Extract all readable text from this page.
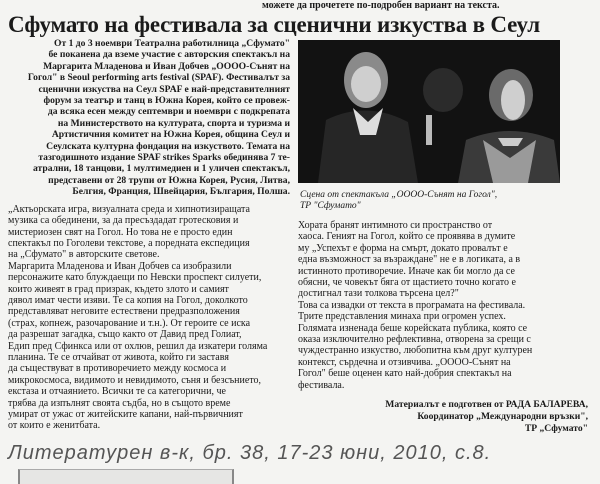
можете да прочетете по-подробен вариант на текста.
Сфумато на фестивала за сценични изкуства в Сеул
От 1 до 3 ноември Театрална работилница „Сфумато"
бе поканена да вземе участие с авторския спектакъл на
Маргарита Младенова и Иван Добчев „ОООО-Сънят на
Гогол" в Seoul performing arts festival (SPAF). Фестивалът за
сценични изкуства на Сеул SPAF е най-представителният
форум за театър и танц в Южна Корея, който се провеж-
да всяка есен между септември и ноември с подкрепата
на Министерството на културата, спорта и туризма и
Артистичния комитет на Южна Корея, община Сеул и
Сеулската културна фондация на изкуството. Темата на
тазгодишното издание SPAF strikes Sparks обединява 7 те-
атрални, 18 танцови, 1 мултимедиен и 1 уличен спектакъл,
представени от 28 трупи от Южна Корея, Русия, Литва,
Белгия, Франция, Швейцария, България, Полша.
„Актьорската игра, визуалната среда и хипнотизиращата
музика са обединени, за да пресъздадат гротесковия и
мистериозен свят на Гогол. Но това не е просто един
спектакъл по Гоголеви текстове, а поредната експедиция
на „Сфумато" в авторските светове.
Маргарита Младенова и Иван Добчев са изобразили
персонажите като блуждаещи по Невски проспект силуети,
които живеят в град призрак, където злото и самият
дявол имат чести изяви. Те са копия на Гогол, доколкото
представляват неговите естествени предразположения
(страх, копнеж, разочарование и т.н.). От героите се иска
да разрешат загадка, също както от Давид пред Голиат,
Едип пред Сфинкса или от охлюв, решил да изкатери голяма
планина. Те се отчайват от живота, който ги заставя
да съществуват в противоречието между космоса и
микрокосмоса, видимото и невидимото, съня и безсънието,
екстаза и отчаянието. Всички те са категорични, че
трябва да изпълнят своята съдба, но в същото време
умират от ужас от житейските капани, най-първичният
от които е женитбата.
Сцена от спектакъла „ОООО-Сънят на Гогол",
ТР "Сфумато"
Хората бранят интимното си пространство от
хаоса. Геният на Гогол, който се проявява в думите
му „Успехът е форма на смърт, докато провалът е
една възможност за възраждане" не е в логиката, а в
истинното противоречие. Иначе как би могло да се
обясни, че човекът бяга от щастието точно когато е
достигнал тази толкова търсена цел?"
Това са извадки от текста в програмата на фестивала.
Трите представления минаха при огромен успех.
Голямата изненада беше корейската публика, която се
оказа изключително рефлективна, отворена за срещи с
чуждестранно изкуство, любопитна към друг културен
контекст, сърдечна и отзивчива. „ОООО-Сънят на
Гогол" беше оценен като най-добрия спектакъл на
фестивала.
Материалът е подготвен от РАДА БАЛАРЕВА,
Координатор „Международни връзки",
ТР „Сфумато"
Литературен в-к, бр. 38, 17-23 юни, 2010, с.8.
